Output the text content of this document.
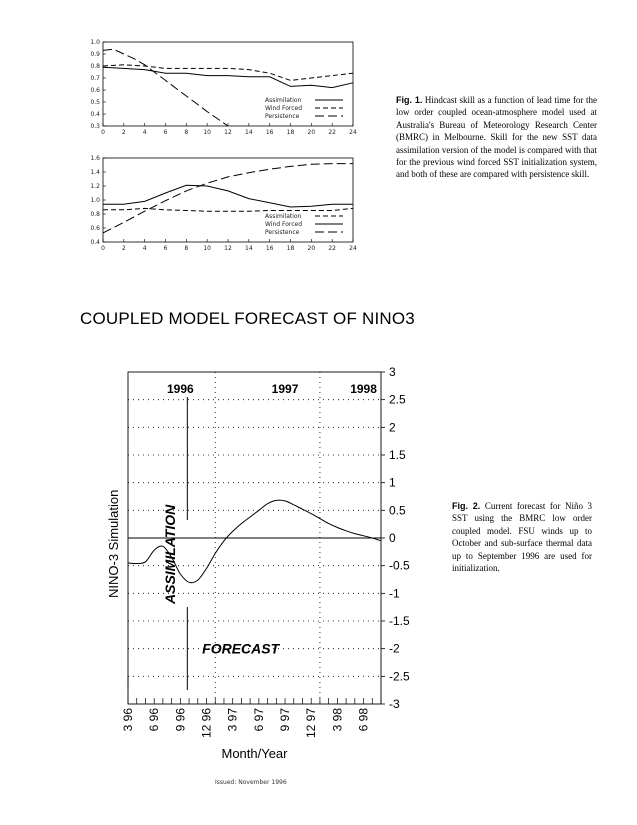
0	2	4	6	8	10 12 14 16 18 20 22 24
0.3
0.4
0.5
0.6
0.7
0.8
0.9
1.0
Assimilation
Wind Forced
Persistence
0	2	4	6	8	10 12 14 16 18 20 22 24
0.4
0.6
0.8
1.0
1.2
1.4
1.6
Assimilation
Wind Forced
Persistence
Fig. 1. Hindcast skill as a function of lead time for the low order coupled ocean-atmosphere model used at Australia's Bureau of Meteorology Research Center (BMRC) in Melbourne. Skill for the new SST data assimilation version of the model is compared with that for the previous wind forced SST initialization system, and both of these are compared with persistence skill.
COUPLED MODEL FORECAST OF NINO3
3
2.5
2
1.5
1
0.5
0
-0.5
-1
-1.5
-2
-2.5
-3
3 96 6 96 9 96 12 96 3 97 6 97 9 97 12 97 3 98 6 98
1996	1997	1998
ASSIMILATION
FORECAST
NINO-3 Simulation
Month/Year
Fig. 2. Current forecast for Niño 3 SST using the BMRC low order coupled model. FSU winds up to October and sub-surface thermal data up to September 1996 are used for initialization.
Issued: November 1996
